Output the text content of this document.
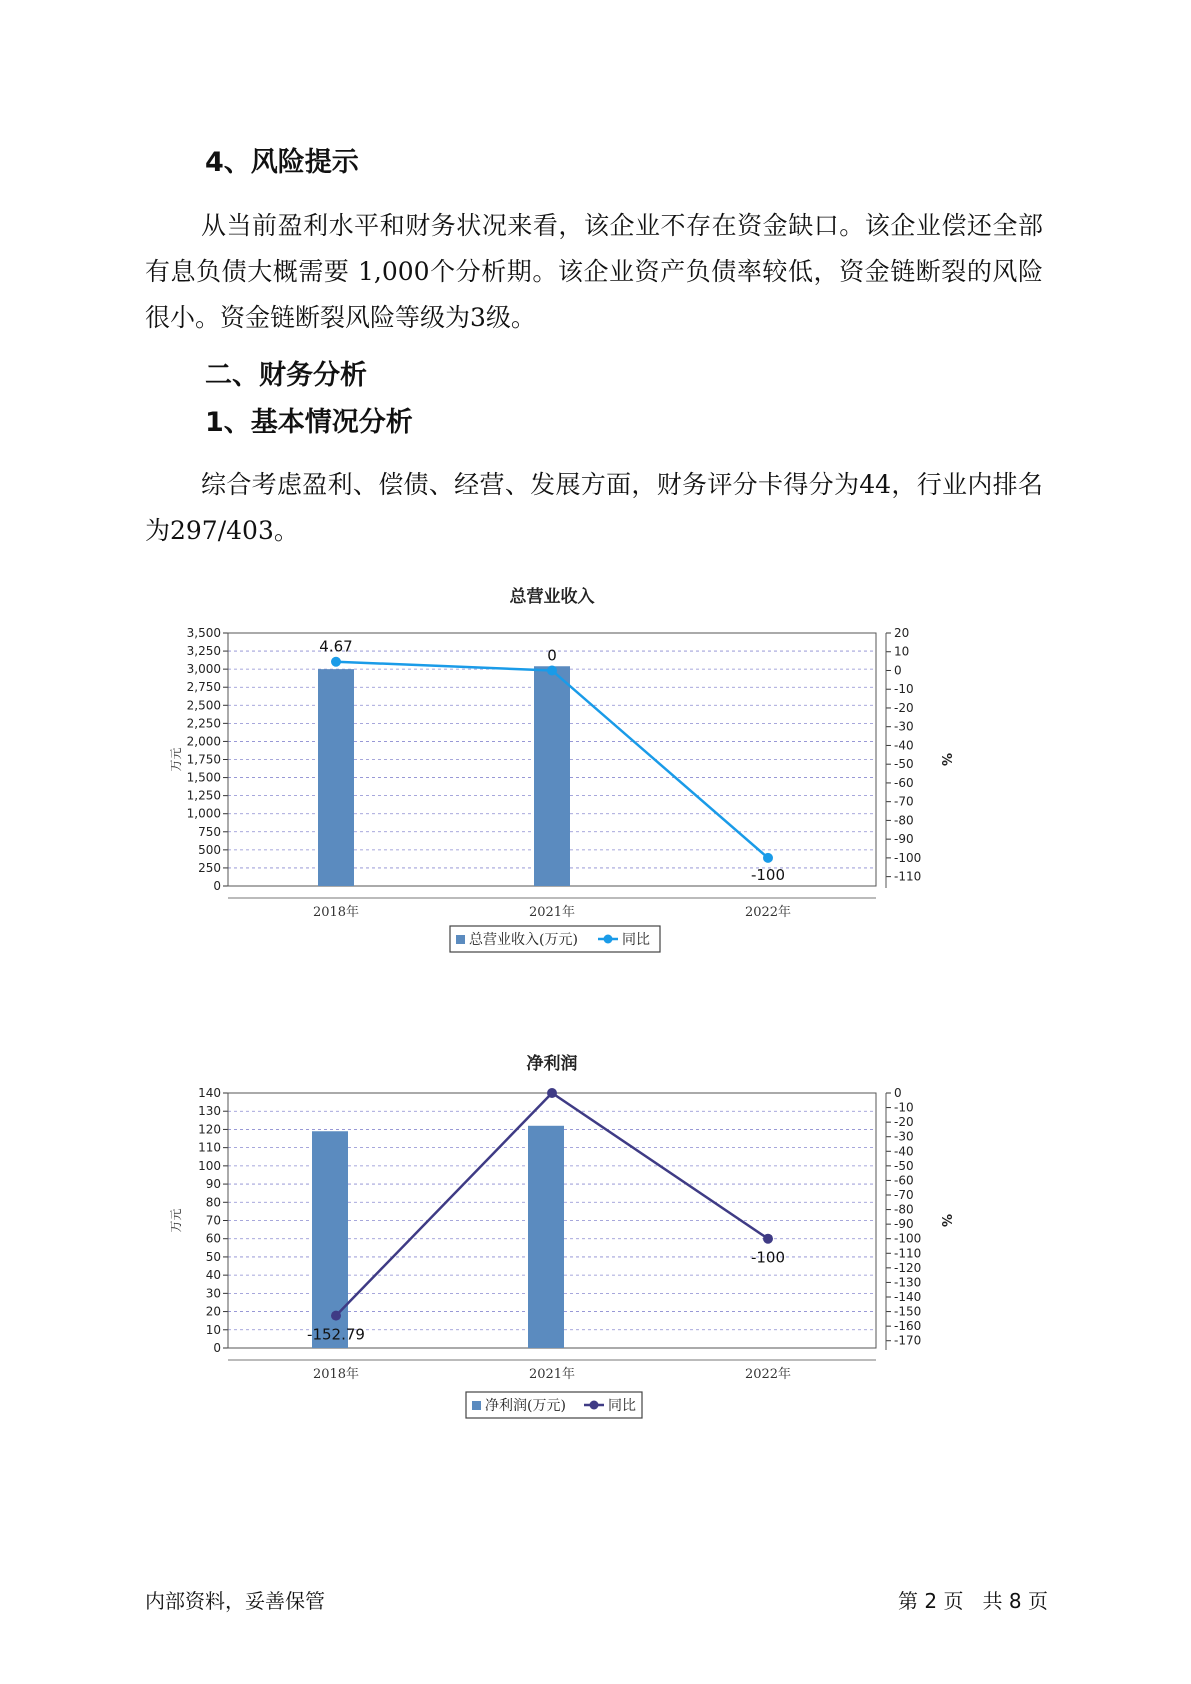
4、风险提示

从当前盈利水平和财务状况来看，该企业不存在资金缺口。该企业偿还全部有息负债大概需要 1,000个分析期。该企业资产负债率较低，资金链断裂的风险很小。资金链断裂风险等级为3级。

二、财务分析
1、基本情况分析

综合考虑盈利、偿债、经营、发展方面，财务评分卡得分为44，行业内排名为297/403。

总营业收入
0
250
500
750
1,000
1,250
1,500
1,750
2,000
2,250
2,500
2,750
3,000
3,250
3,500	20
10
0
-10
-20
-30
-40
-50
-60
-70
-80
-90
-100
-110
万元	%
2018年	2021年	2022年
4.67	0
-100
总营业收入(万元)	同比
净利润
0
10
20
30
40
50
60
70
80
90
100
110
120
130
140	0
-10
-20
-30
-40
-50
-60
-70
-80
-90
-100
-110
-120
-130
-140
-150
-160
-170
万元	%
2018年	2021年	2022年
-152.79
-100
净利润(万元)	同比
内部资料，妥善保管	第 2 页   共 8 页
